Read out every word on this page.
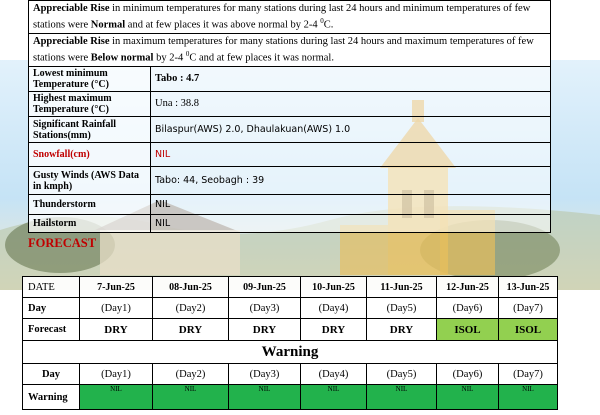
Appreciable Rise in minimum temperatures for many stations during last 24 hours and minimum temperatures of few stations were Normal and at few places it was above normal by 2-4 $^0$C.	
Appreciable Rise in maximum temperatures for many stations during last 24 hours and maximum temperatures of few stations were Below normal by 2-4 $^0$C and at few places it was normal.	
Lowest minimum Temperature (°C)	Tabo : 4.7
Highest maximum Temperature (°C)	Una : 38.8
Significant Rainfall Stations(mm)	Bilaspur(AWS) 2.0, Dhaulakuan(AWS) 1.0
Snowfall(cm)	NIL
Gusty Winds (AWS Data in kmph)	Tabo: 44, Seobagh : 39
Thunderstorm	NIL
Hailstorm	NIL
FORECAST
DATE	7-Jun-25	08-Jun-25	09-Jun-25	10-Jun-25	11-Jun-25	12-Jun-25	13-Jun-25
Day	(Day1)	(Day2)	(Day3)	(Day4)	(Day5)	(Day6)	(Day7)
Forecast	DRY	DRY	DRY	DRY	DRY	ISOL	ISOL
Warning							
Day	(Day1)	(Day2)	(Day3)	(Day4)	(Day5)	(Day6)	(Day7)
Warning	NIL	NIL	NIL	NIL	NIL	NIL	NIL
